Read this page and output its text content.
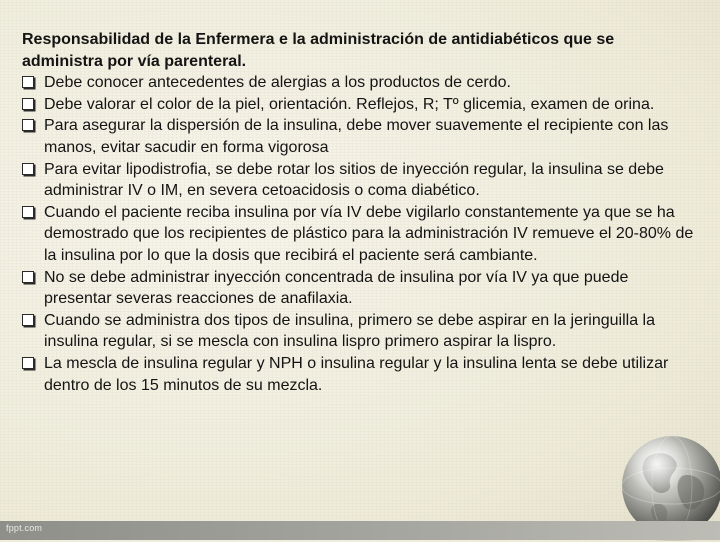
Responsabilidad de la Enfermera e la administración de antidiabéticos que se administra por vía parenteral.

Debe conocer antecedentes de alergias a los productos de cerdo.
Debe valorar el color de la piel, orientación. Reflejos, R; Tº glicemia, examen de orina.
Para asegurar la dispersión de la insulina, debe mover suavemente el recipiente con las manos, evitar sacudir en forma vigorosa
Para evitar lipodistrofia, se debe rotar los sitios de inyección regular, la insulina se debe administrar IV o IM, en severa cetoacidosis o coma diabético.
Cuando el paciente reciba insulina por vía IV debe vigilarlo constantemente ya que se ha demostrado que los recipientes de plástico para la administración IV remueve el 20-80% de la insulina por lo que la dosis que recibirá el paciente será cambiante.
No se debe administrar inyección concentrada de insulina por vía IV ya que puede presentar severas reacciones de anafilaxia.
Cuando se administra dos tipos de insulina, primero se debe aspirar en la jeringuilla la insulina regular, si se mescla con insulina lispro primero aspirar la lispro.
La mescla de insulina regular y NPH o insulina regular y la insulina lenta se debe utilizar dentro de los 15 minutos de su mezcla.
fppt.com
